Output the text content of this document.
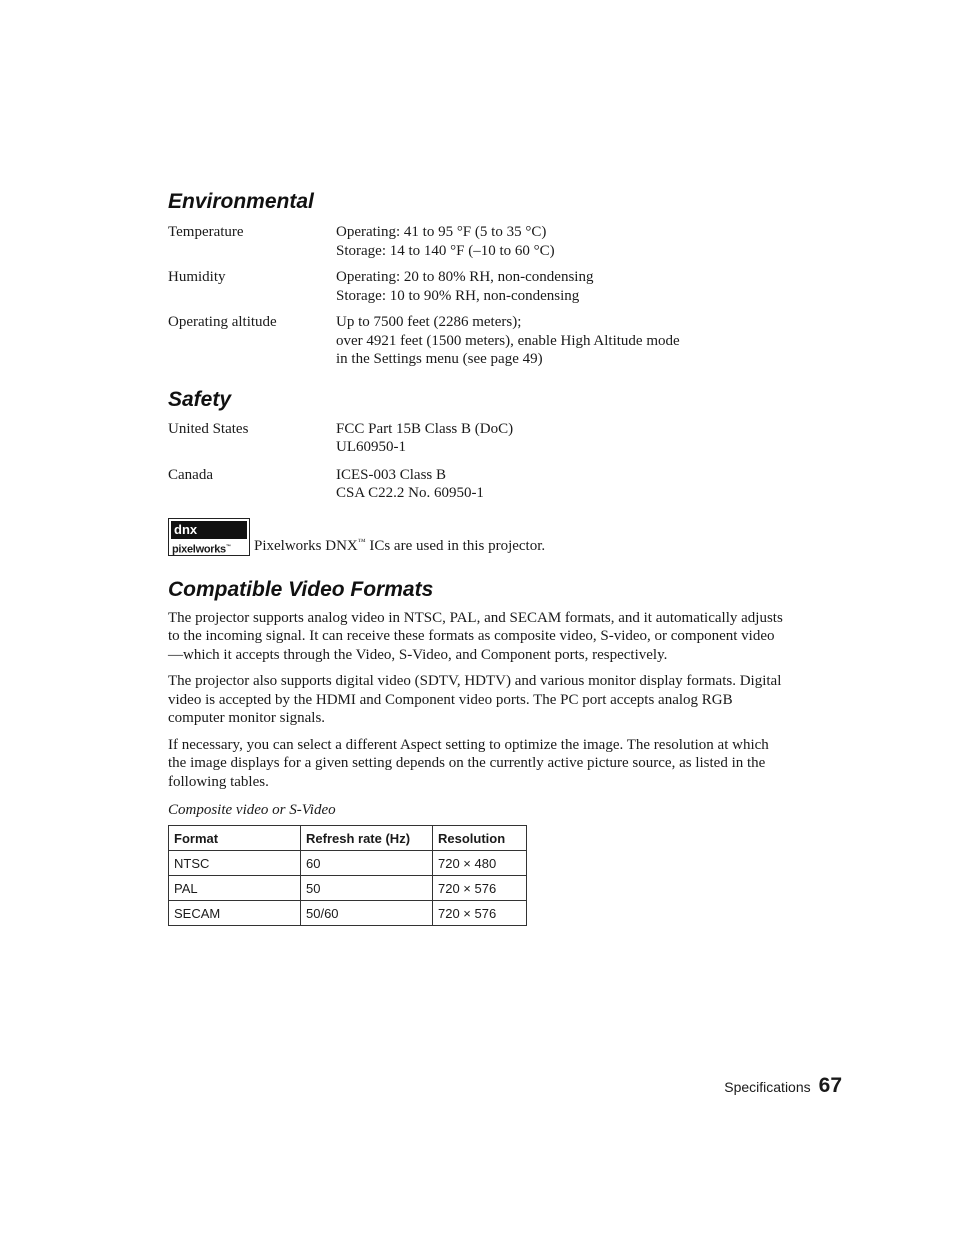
Environmental
Temperature	Operating: 41 to 95 °F (5 to 35 °C)
Storage: 14 to 140 °F (–10 to 60 °C)
Humidity	Operating: 20 to 80% RH, non-condensing
Storage: 10 to 90% RH, non-condensing
Operating altitude	Up to 7500 feet (2286 meters);
over 4921 feet (1500 meters), enable High Altitude mode
in the Settings menu (see page 49)
Safety
United States	FCC Part 15B Class B (DoC)
UL60950-1
Canada	ICES-003 Class B
CSA C22.2 No. 60950-1
dnx
pixelworks™	Pixelworks DNX™ ICs are used in this projector.
Compatible Video Formats

The projector supports analog video in NTSC, PAL, and SECAM formats, and it automatically adjusts to the incoming signal. It can receive these formats as composite video, S-video, or component video—which it accepts through the Video, S-Video, and Component ports, respectively.

The projector also supports digital video (SDTV, HDTV) and various monitor display formats. Digital video is accepted by the HDMI and Component video ports. The PC port accepts analog RGB computer monitor signals.

If necessary, you can select a different Aspect setting to optimize the image. The resolution at which the image displays for a given setting depends on the currently active picture source, as listed in the following tables.

Composite video or S-Video
Format	Refresh rate (Hz)	Resolution
NTSC	60	720 × 480
PAL	50	720 × 576
SECAM	50/60	720 × 576
Specifications 67
